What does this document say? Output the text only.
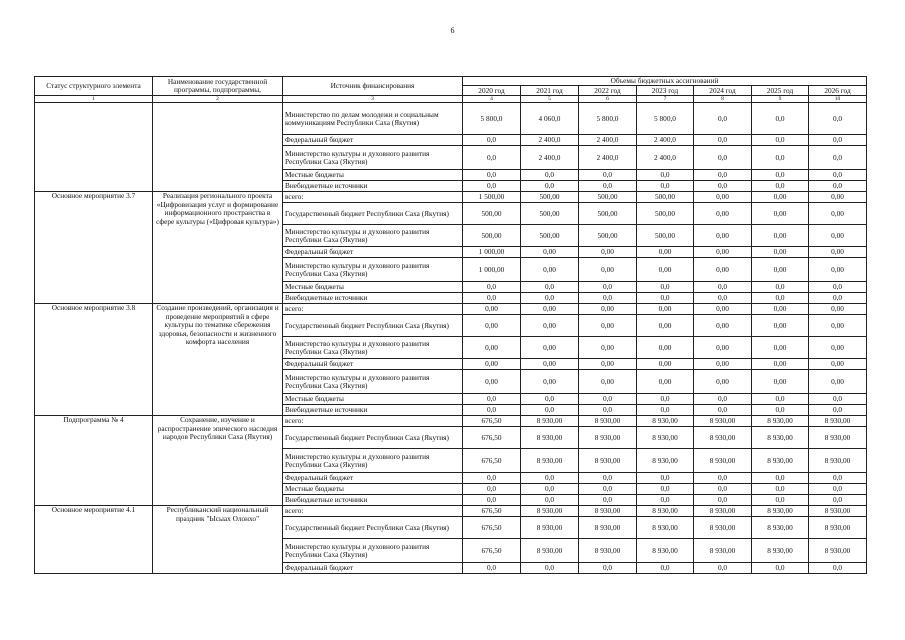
6
Статус структурного элемента	Наименование государственной программы, подпрограммы,	Источник финансирования	Объемы бюджетных ассигнований						
			2020 год	2021 год	2022 год	2023 год	2024 год	2025 год	2026 год
1	2	3	4	5	6	7	8	9	10
		Министерство по делам молодежи и социальным коммуникациям Республики Саха (Якутия)	5 800,0	4 060,0	5 800,0	5 800,0	0,0	0,0	0,0
		Федеральный бюджет	0,0	2 400,0	2 400,0	2 400,0	0,0	0,0	0,0
		Министерство культуры и духовного развития Республики Саха (Якутия)	0,0	2 400,0	2 400,0	2 400,0	0,0	0,0	0,0
		Местные бюджеты	0,0	0,0	0,0	0,0	0,0	0,0	0,0
		Внебюджетные источники	0,0	0,0	0,0	0,0	0,0	0,0	0,0
Основное мероприятие 3.7	Реализация регионального проекта «Цифровизация услуг и формирование информационного пространства в сфере культуры («Цифровая культура»)	всего:	1 500,00	500,00	500,00	500,00	0,00	0,00	0,00
		Государственный бюджет Республики Саха (Якутия)	500,00	500,00	500,00	500,00	0,00	0,00	0,00
		Министерство культуры и духовного развития Республики Саха (Якутия)	500,00	500,00	500,00	500,00	0,00	0,00	0,00
		Федеральный бюджет	1 000,00	0,00	0,00	0,00	0,00	0,00	0,00
		Министерство культуры и духовного развития Республики Саха (Якутия)	1 000,00	0,00	0,00	0,00	0,00	0,00	0,00
		Местные бюджеты	0,0	0,0	0,0	0,0	0,0	0,0	0,0
		Внебюджетные источники	0,0	0,0	0,0	0,0	0,0	0,0	0,0
Основное мероприятие 3.8	Создание произведений, организация и проведение мероприятий в сфере культуры по тематике сбережения здоровья, безопасности и жизненного комфорта населения	всего:	0,00	0,00	0,00	0,00	0,00	0,00	0,00
		Государственный бюджет Республики Саха (Якутия)	0,00	0,00	0,00	0,00	0,00	0,00	0,00
		Министерство культуры и духовного развития Республики Саха (Якутия)	0,00	0,00	0,00	0,00	0,00	0,00	0,00
		Федеральный бюджет	0,00	0,00	0,00	0,00	0,00	0,00	0,00
		Министерство культуры и духовного развития Республики Саха (Якутия)	0,00	0,00	0,00	0,00	0,00	0,00	0,00
		Местные бюджеты	0,0	0,0	0,0	0,0	0,0	0,0	0,0
		Внебюджетные источники	0,0	0,0	0,0	0,0	0,0	0,0	0,0
Подпрограмма № 4	Сохранение, изучение и распространение эпического наследия народов Республики Саха (Якутия)	всего:	676,50	8 930,00	8 930,00	8 930,00	8 930,00	8 930,00	8 930,00
		Государственный бюджет Республики Саха (Якутия)	676,50	8 930,00	8 930,00	8 930,00	8 930,00	8 930,00	8 930,00
		Министерство культуры и духовного развития Республики Саха (Якутия)	676,50	8 930,00	8 930,00	8 930,00	8 930,00	8 930,00	8 930,00
		Федеральный бюджет	0,0	0,0	0,0	0,0	0,0	0,0	0,0
		Местные бюджеты	0,0	0,0	0,0	0,0	0,0	0,0	0,0
		Внебюджетные источники	0,0	0,0	0,0	0,0	0,0	0,0	0,0
Основное мероприятие 4.1	Республиканский национальный праздник "Ысыах Олонхо"	всего:	676,50	8 930,00	8 930,00	8 930,00	8 930,00	8 930,00	8 930,00
		Государственный бюджет Республики Саха (Якутия)	676,50	8 930,00	8 930,00	8 930,00	8 930,00	8 930,00	8 930,00
		Министерство культуры и духовного развития Республики Саха (Якутия)	676,50	8 930,00	8 930,00	8 930,00	8 930,00	8 930,00	8 930,00
		Федеральный бюджет	0,0	0,0	0,0	0,0	0,0	0,0	0,0
